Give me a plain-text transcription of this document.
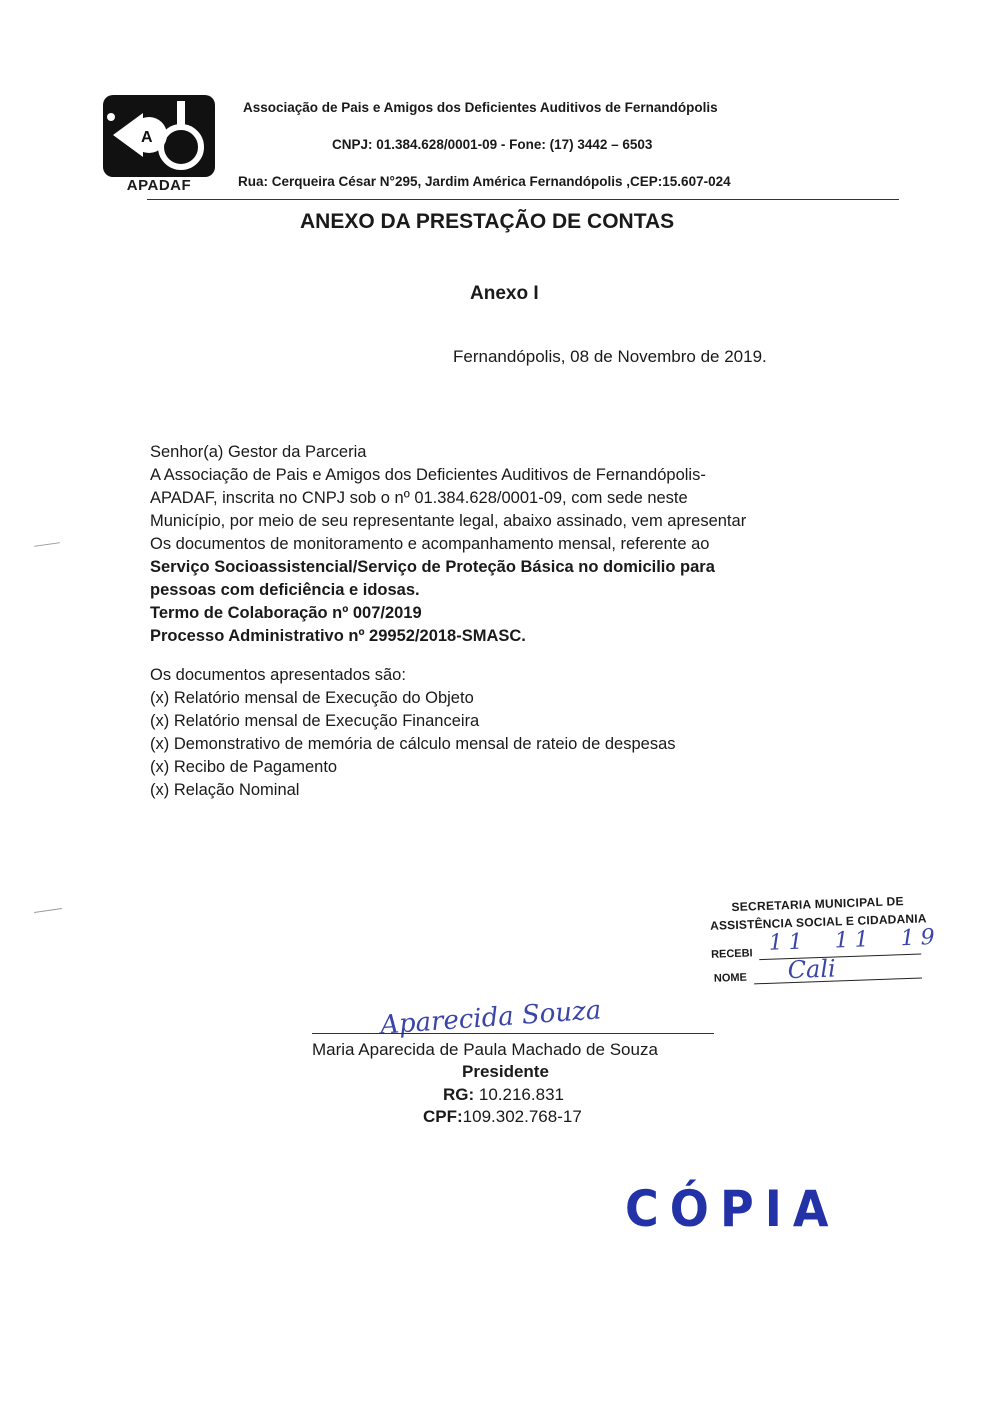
A
APADAF
Associação de Pais e Amigos dos Deficientes Auditivos de Fernandópolis
CNPJ: 01.384.628/0001-09 - Fone: (17) 3442 – 6503
Rua: Cerqueira César N°295, Jardim América Fernandópolis ,CEP:15.607-024
ANEXO DA PRESTAÇÃO DE CONTAS
Anexo I
Fernandópolis, 08 de Novembro de 2019.
Senhor(a) Gestor da Parceria
A Associação de Pais e Amigos dos Deficientes Auditivos de Fernandópolis-
APADAF, inscrita no CNPJ sob o nº 01.384.628/0001-09, com sede neste
Município, por meio de seu representante legal, abaixo assinado, vem apresentar
Os documentos de monitoramento e acompanhamento mensal, referente ao
Serviço Socioassistencial/Serviço de Proteção Básica no domicilio para
pessoas com deficiência e idosas.
Termo de Colaboração nº 007/2019
Processo Administrativo nº 29952/2018-SMASC.
Os documentos apresentados são:
(x) Relatório mensal de Execução do Objeto
(x) Relatório mensal de Execução Financeira
(x) Demonstrativo de memória de cálculo mensal de rateio de despesas
(x) Recibo de Pagamento
(x) Relação Nominal
SECRETARIA MUNICIPAL DE
ASSISTÊNCIA SOCIAL E CIDADANIA
RECEBI 11  11  19
NOME Cali
Aparecida Souza
Maria Aparecida de Paula Machado de Souza
Presidente
RG: 10.216.831
CPF:109.302.768-17
CÓPIA
